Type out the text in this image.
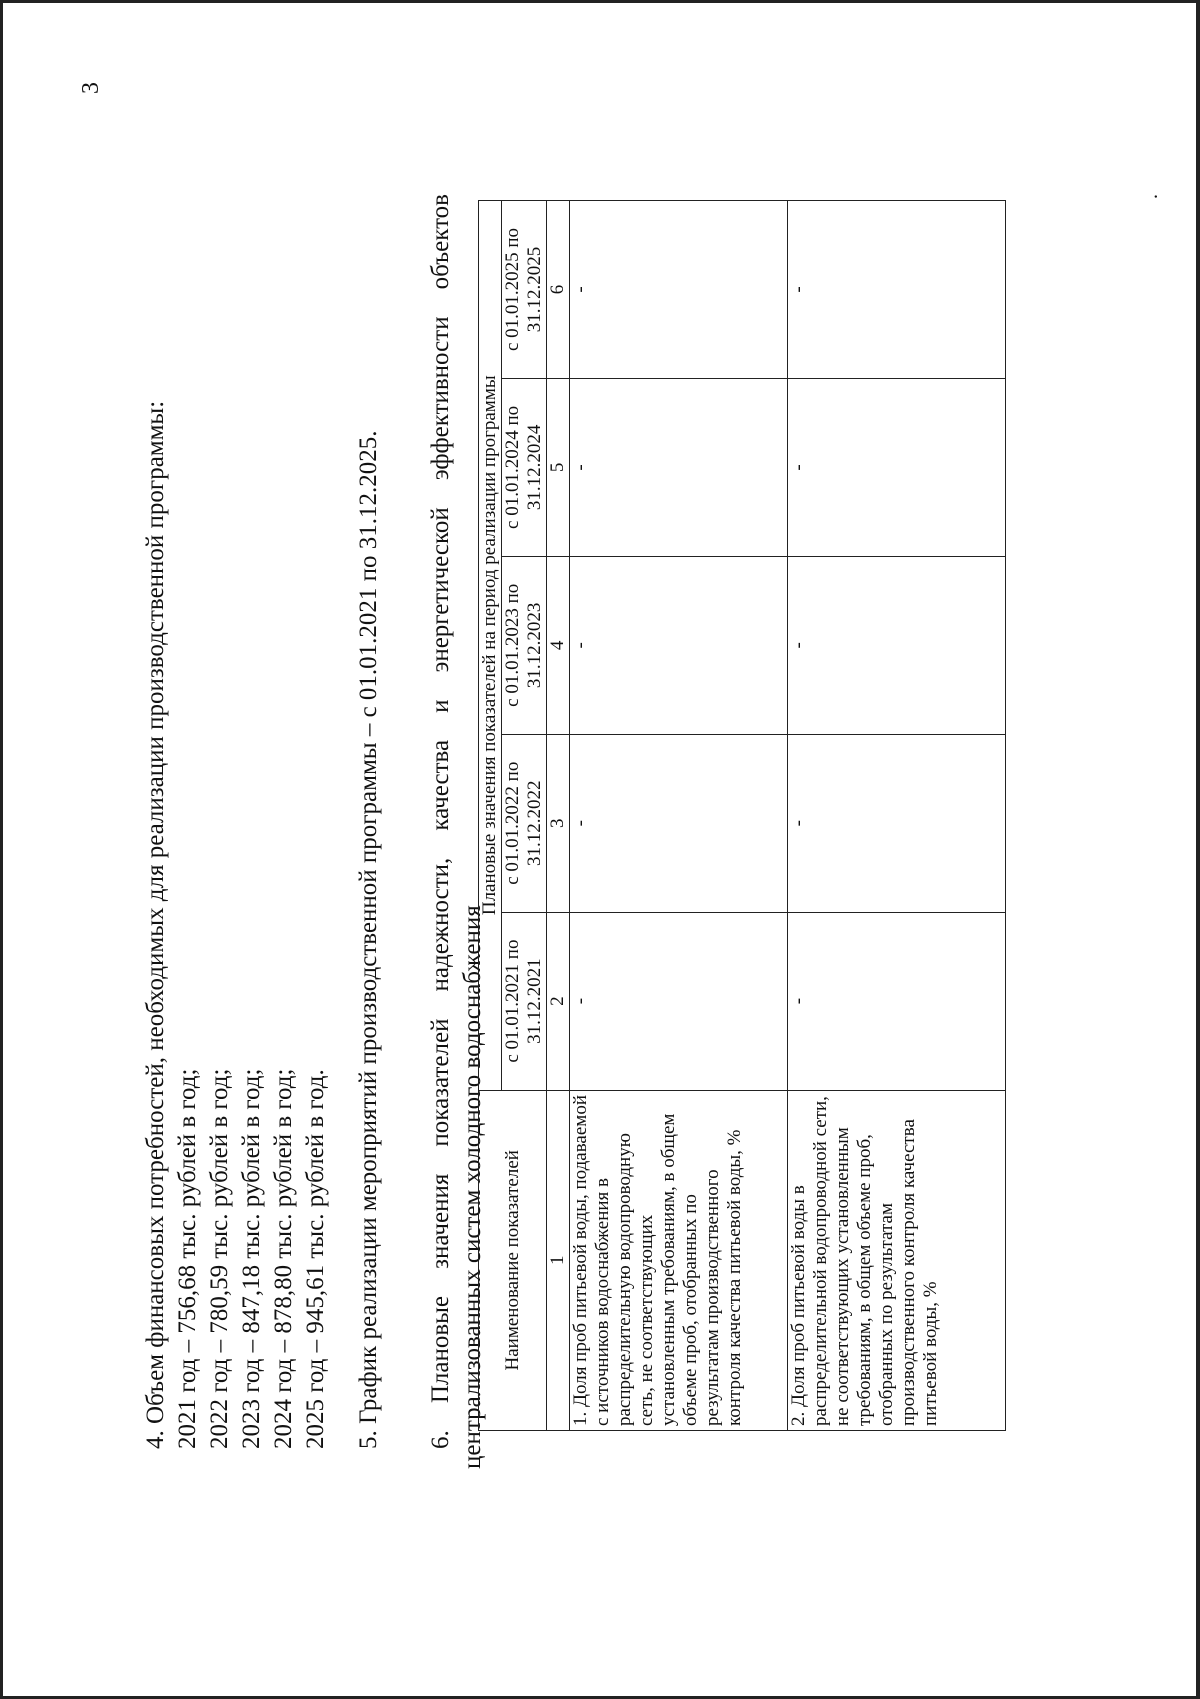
3
4. Объем финансовых потребностей, необходимых для реализации производственной программы: 2021 год – 756,68 тыс. рублей в год; 2022 год – 780,59 тыс. рублей в год; 2023 год – 847,18 тыс. рублей в год; 2024 год – 878,80 тыс. рублей в год; 2025 год – 945,61 тыс. рублей в год. 5. График реализации мероприятий производственной программы – с 01.01.2021 по 31.12.2025. 6. Плановые значения показателей надежности, качества и энергетической эффективности объектов централизованных систем холодного водоснабжения Наименование показателей	Плановые значения показателей на период реализации программы				
	с 01.01.2021 по 31.12.2021	с 01.01.2022 по 31.12.2022	с 01.01.2023 по 31.12.2023	с 01.01.2024 по 31.12.2024	с 01.01.2025 по 31.12.2025
1	2	3	4	5	6
1. Доля проб питьевой воды, подаваемой с источников водоснабжения в распределительную водопроводную сеть, не соответствующих установленным требованиям, в общем объеме проб, отобранных по результатам производственного контроля качества питьевой воды, %	-	-	-	-	-
2. Доля проб питьевой воды в распределительной водопроводной сети, не соответствующих установленным требованиям, в общем объеме проб, отобранных по результатам производственного контроля качества питьевой воды, %	-	-	-	-	-
.
